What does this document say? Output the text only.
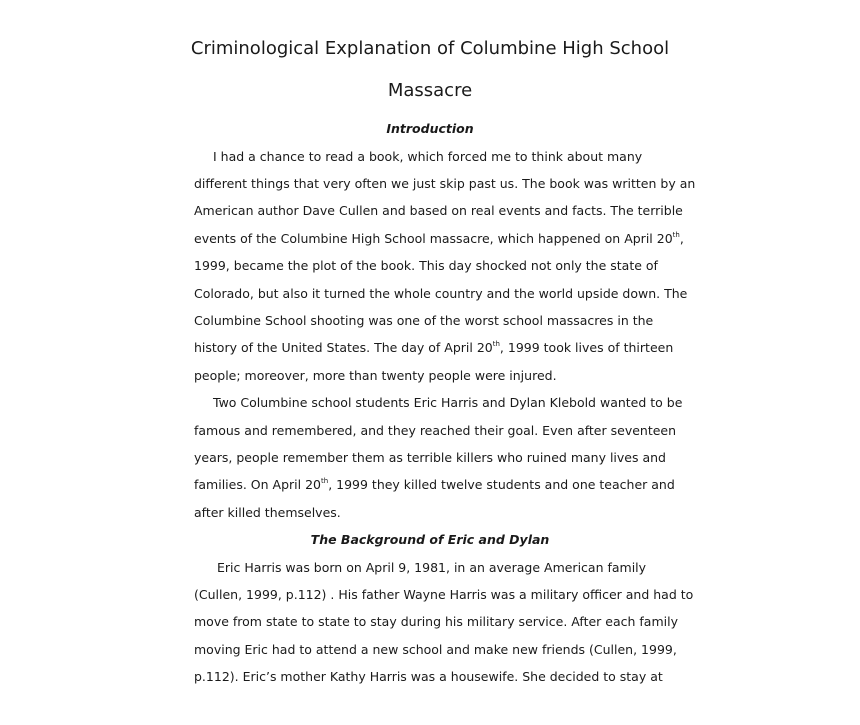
Criminological Explanation of Columbine High School
Massacre
Introduction

I had a chance to read a book, which forced me to think about many

different things that very often we just skip past us. The book was written by an

American author Dave Cullen and based on real events and facts. The terrible

events of the Columbine High School massacre, which happened on April 20th,

1999, became the plot of the book. This day shocked not only the state of

Colorado, but also it turned the whole country and the world upside down. The

Columbine School shooting was one of the worst school massacres in the

history of the United States. The day of April 20th, 1999 took lives of thirteen

people; moreover, more than twenty people were injured.

Two Columbine school students Eric Harris and Dylan Klebold wanted to be

famous and remembered, and they reached their goal. Even after seventeen

years, people remember them as terrible killers who ruined many lives and

families. On April 20th, 1999 they killed twelve students and one teacher and

after killed themselves.

The Background of Eric and Dylan

Eric Harris was born on April 9, 1981, in an average American family

(Cullen, 1999, p.112) . His father Wayne Harris was a military officer and had to

move from state to state to stay during his military service. After each family

moving Eric had to attend a new school and make new friends (Cullen, 1999,

p.112). Eric’s mother Kathy Harris was a housewife. She decided to stay at
